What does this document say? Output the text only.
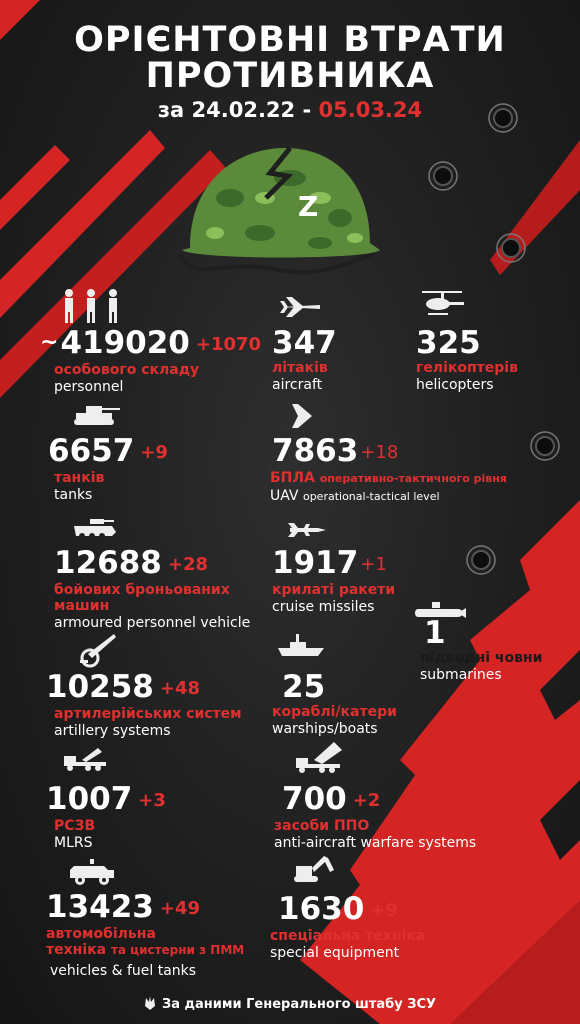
ОРІЄНТОВНІ ВТРАТИ
ПРОТИВНИКА
за 24.02.22 - 05.03.24
Z
~ 419020 +1070
особового складу
personnel
347
літаків
aircraft
325
гелікоптерів
helicopters
6657 +9
танків
tanks
7863 +18
БПЛА оперативно-тактичного рівня
UAV operational-tactical level
12688 +28
бойових броньованих
машин
armoured personnel vehicle
1917 +1
крилаті ракети
cruise missiles
1
підводні човни
submarines
10258 +48
артилерійських систем
artillery systems
25
кораблі/катери
warships/boats
1007 +3
РСЗВ
MLRS
700 +2
засоби ППО
anti-aircraft warfare systems
13423 +49
автомобільна
техніка та цистерни з ПММ
vehicles & fuel tanks
1630 +9
спеціальна техніка
special equipment
За даними Генерального штабу ЗСУ
